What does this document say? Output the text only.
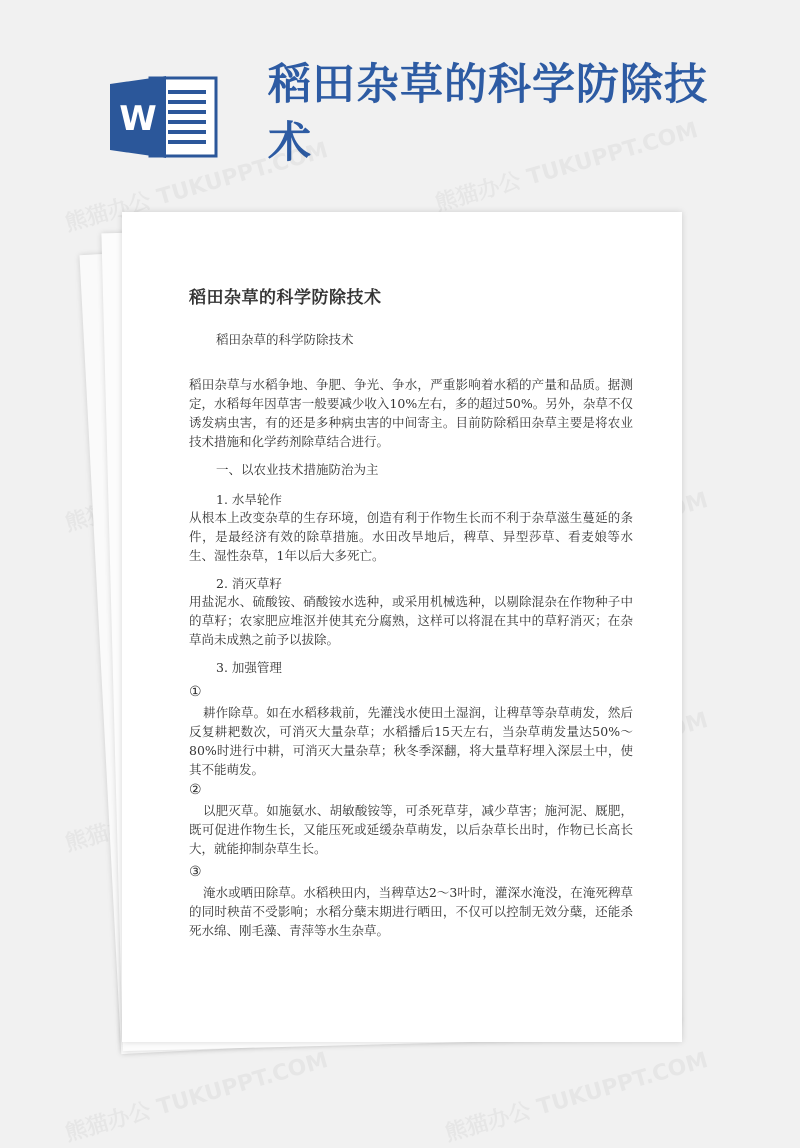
W
稻田杂草的科学防除技术
稻田杂草的科学防除技术
稻田杂草的科学防除技术
稻田杂草与水稻争地、争肥、争光、争水，严重影响着水稻的产量和品质。据测定，水稻每年因草害一般要减少收入10%左右，多的超过50%。另外，杂草不仅诱发病虫害，有的还是多种病虫害的中间寄主。目前防除稻田杂草主要是将农业技术措施和化学药剂除草结合进行。
一、以农业技术措施防治为主
1. 水旱轮作
从根本上改变杂草的生存环境，创造有利于作物生长而不利于杂草滋生蔓延的条件，是最经济有效的除草措施。水田改旱地后，稗草、异型莎草、看麦娘等水生、湿性杂草，1年以后大多死亡。
2. 消灭草籽
用盐泥水、硫酸铵、硝酸铵水选种，或采用机械选种，以剔除混杂在作物种子中的草籽；农家肥应堆沤并使其充分腐熟，这样可以将混在其中的草籽消灭；在杂草尚未成熟之前予以拔除。
3. 加强管理
①
耕作除草。如在水稻移栽前，先灌浅水使田土湿润，让稗草等杂草萌发，然后反复耕耙数次，可消灭大量杂草；水稻播后15天左右，当杂草萌发量达50%～80%时进行中耕，可消灭大量杂草；秋冬季深翻，将大量草籽埋入深层土中，使其不能萌发。
②
以肥灭草。如施氨水、胡敏酸铵等，可杀死草芽，减少草害；施河泥、厩肥，既可促进作物生长，又能压死或延缓杂草萌发，以后杂草长出时，作物已长高长大，就能抑制杂草生长。
③
淹水或晒田除草。水稻秧田内，当稗草达2～3叶时，灌深水淹没，在淹死稗草的同时秧苗不受影响；水稻分蘖末期进行晒田，不仅可以控制无效分蘖，还能杀死水绵、刚毛藻、青萍等水生杂草。
